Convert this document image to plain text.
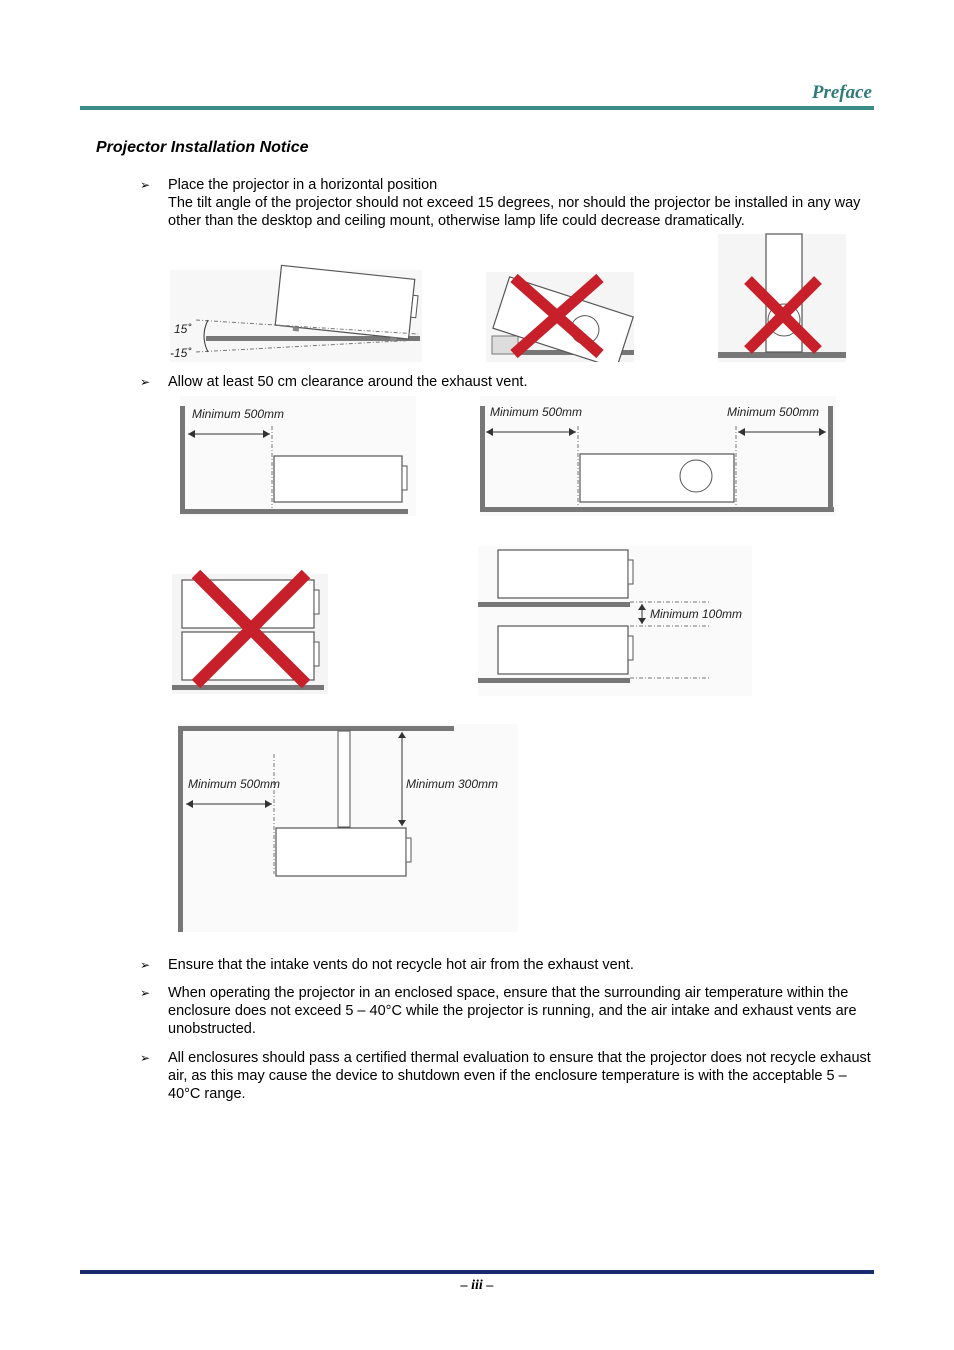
Preface
Projector Installation Notice
➢ Place the projector in a horizontal position
The tilt angle of the projector should not exceed 15 degrees, nor should the projector be installed in any way other than the desktop and ceiling mount, otherwise lamp life could decrease dramatically.
15˚
-15˚
➢ Allow at least 50 cm clearance around the exhaust vent.
Minimum 500mm	Minimum 500mm	Minimum 500mm
Minimum 100mm
Minimum 500mm	Minimum 300mm
➢ Ensure that the intake vents do not recycle hot air from the exhaust vent.
➢ When operating the projector in an enclosed space, ensure that the surrounding air temperature within the enclosure does not exceed 5 – 40°C while the projector is running, and the air intake and exhaust vents are unobstructed.
➢ All enclosures should pass a certified thermal evaluation to ensure that the projector does not recycle exhaust air, as this may cause the device to shutdown even if the enclosure temperature is with the acceptable 5 – 40°C range.
– iii –
